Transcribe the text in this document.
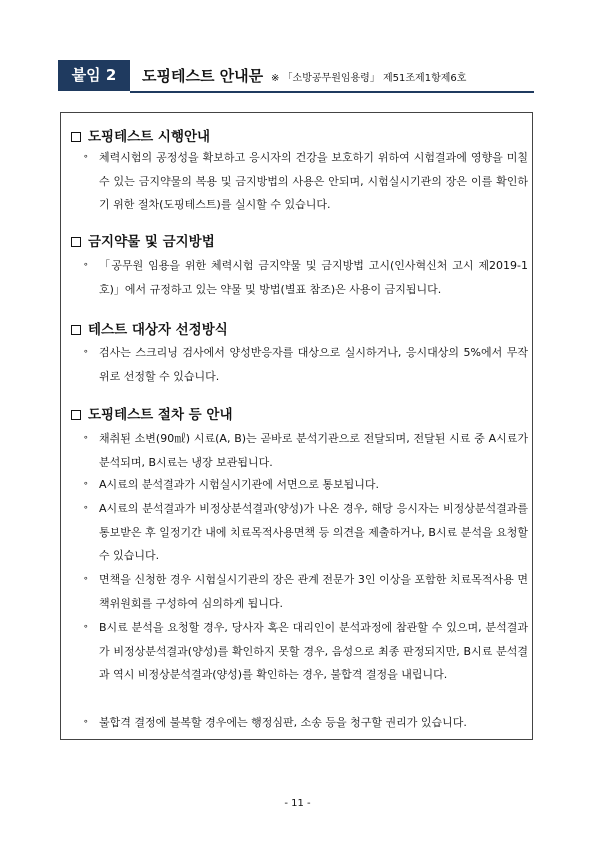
붙임 2	도핑테스트 안내문 ※ 「소방공무원임용령」 제51조제1항제6호
도핑테스트 시행안내
∘ 체력시험의 공정성을 확보하고 응시자의 건강을 보호하기 위하여 시험결과에 영향을 미칠 수 있는 금지약물의 복용 및 금지방법의 사용은 안되며, 시험실시기관의 장은 이를 확인하기 위한 절차(도핑테스트)를 실시할 수 있습니다.
금지약물 및 금지방법
∘ 「공무원 임용을 위한 체력시험 금지약물 및 금지방법 고시(인사혁신처 고시 제2019-1호)」에서 규정하고 있는 약물 및 방법(별표 참조)은 사용이 금지됩니다.
테스트 대상자 선정방식
∘ 검사는 스크리닝 검사에서 양성반응자를 대상으로 실시하거나, 응시대상의 5%에서 무작위로 선정할 수 있습니다.
도핑테스트 절차 등 안내
∘ 채취된 소변(90㎖) 시료(A, B)는 곧바로 분석기관으로 전달되며, 전달된 시료 중 A시료가 분석되며, B시료는 냉장 보관됩니다.
∘ A시료의 분석결과가 시험실시기관에 서면으로 통보됩니다.
∘ A시료의 분석결과가 비정상분석결과(양성)가 나온 경우, 해당 응시자는 비정상분석결과를 통보받은 후 일정기간 내에 치료목적사용면책 등 의견을 제출하거나, B시료 분석을 요청할 수 있습니다.
∘ 면책을 신청한 경우 시험실시기관의 장은 관계 전문가 3인 이상을 포함한 치료목적사용 면책위원회를 구성하여 심의하게 됩니다.
∘ B시료 분석을 요청할 경우, 당사자 혹은 대리인이 분석과정에 참관할 수 있으며, 분석결과가 비정상분석결과(양성)를 확인하지 못할 경우, 음성으로 최종 판정되지만, B시료 분석결과 역시 비정상분석결과(양성)를 확인하는 경우, 불합격 결정을 내립니다.
∘ 불합격 결정에 불복할 경우에는 행정심판, 소송 등을 청구할 권리가 있습니다.
- 11 -
